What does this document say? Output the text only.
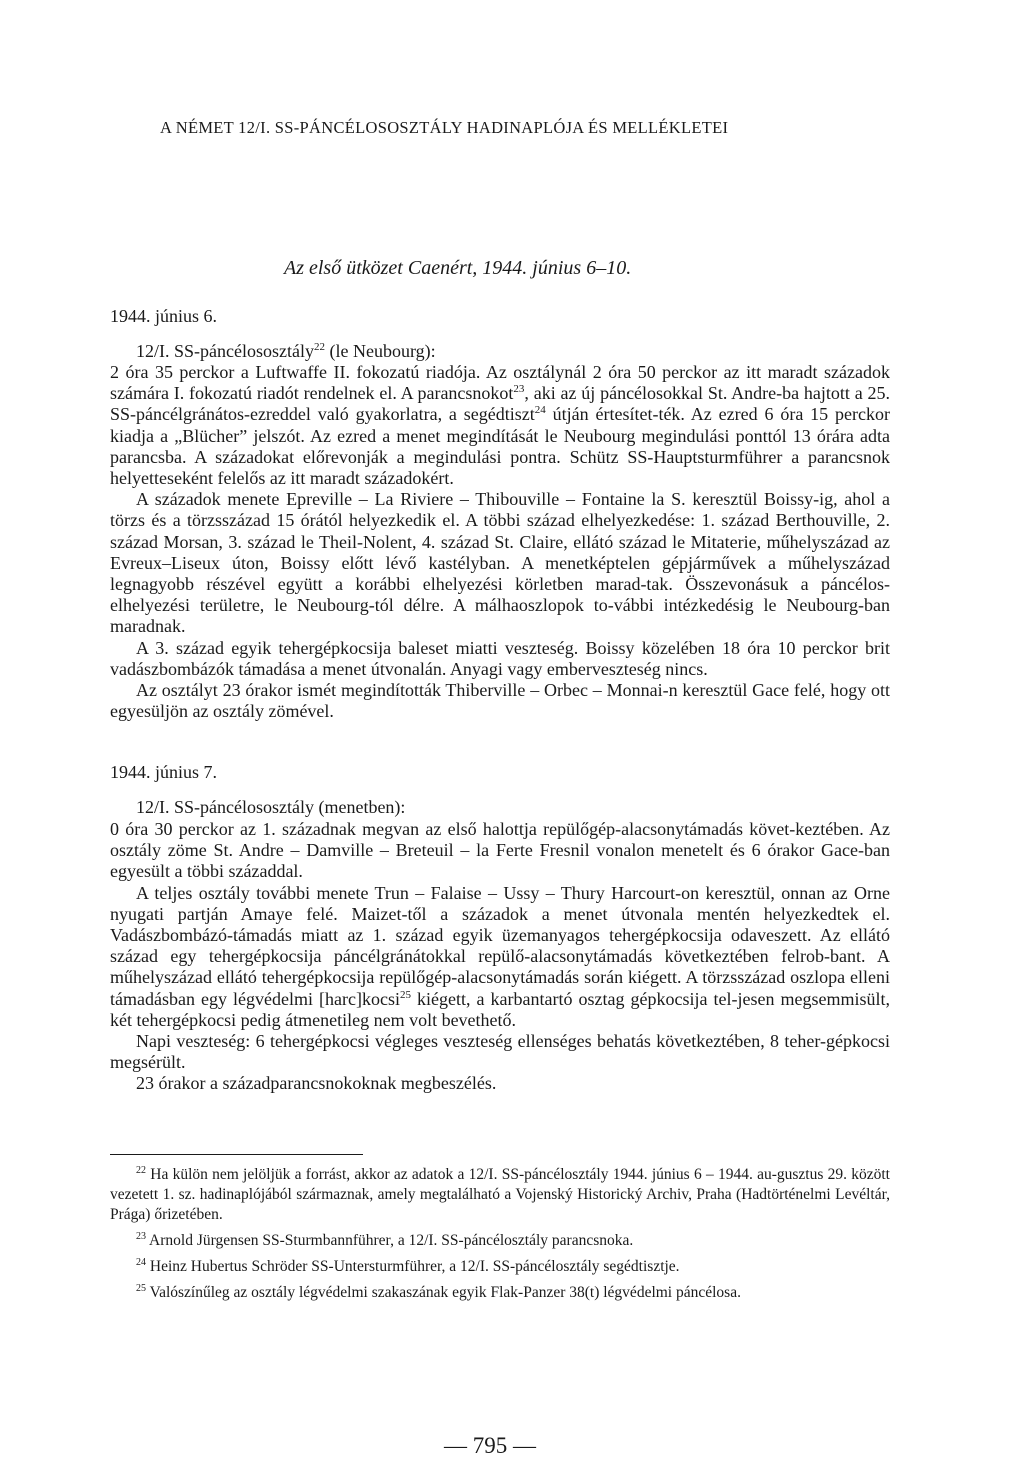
A NÉMET 12/I. SS-PÁNCÉLOSOSZTÁLY HADINAPLÓJA ÉS MELLÉKLETEI
Az első ütközet Caenért, 1944. június 6–10.
1944. június 6.
12/I. SS-páncélososztály$^{22}$ (le Neubourg):

2 óra 35 perckor a Luftwaffe II. fokozatú riadója. Az osztálynál 2 óra 50 perckor az itt maradt századok számára I. fokozatú riadót rendelnek el. A parancsnokot$^{23}$, aki az új páncélosokkal St. Andre-ba hajtott a 25. SS-páncélgránátos-ezreddel való gyakorlatra, a segédtiszt$^{24}$ útján értesítet-ték. Az ezred 6 óra 15 perckor kiadja a „Blücher” jelszót. Az ezred a menet megindítását le Neubourg megindulási ponttól 13 órára adta parancsba. A századokat előrevonják a megindulási pontra. Schütz SS-Hauptsturmführer a parancsnok helyetteseként felelős az itt maradt századokért.

A századok menete Epreville – La Riviere – Thibouville – Fontaine la S. keresztül Boissy-ig, ahol a törzs és a törzsszázad 15 órától helyezkedik el. A többi század elhelyezkedése: 1. század Berthouville, 2. század Morsan, 3. század le Theil-Nolent, 4. század St. Claire, ellátó század le Mitaterie, műhelyszázad az Evreux–Liseux úton, Boissy előtt lévő kastélyban. A menetképtelen gépjárművek a műhelyszázad legnagyobb részével együtt a korábbi elhelyezési körletben marad-tak. Összevonásuk a páncélos-elhelyezési területre, le Neubourg-tól délre. A málhaoszlopok to-vábbi intézkedésig le Neubourg-ban maradnak.

A 3. század egyik tehergépkocsija baleset miatti veszteség. Boissy közelében 18 óra 10 perckor brit vadászbombázók támadása a menet útvonalán. Anyagi vagy emberveszteség nincs.

Az osztályt 23 órakor ismét megindították Thiberville – Orbec – Monnai-n keresztül Gace felé, hogy ott egyesüljön az osztály zömével.

1944. június 7.
12/I. SS-páncélososztály (menetben):

0 óra 30 perckor az 1. századnak megvan az első halottja repülőgép-alacsonytámadás követ-keztében. Az osztály zöme St. Andre – Damville – Breteuil – la Ferte Fresnil vonalon menetelt és 6 órakor Gace-ban egyesült a többi századdal.

A teljes osztály további menete Trun – Falaise – Ussy – Thury Harcourt-on keresztül, onnan az Orne nyugati partján Amaye felé. Maizet-től a századok a menet útvonala mentén helyezkedtek el. Vadászbombázó-támadás miatt az 1. század egyik üzemanyagos tehergépkocsija odaveszett. Az ellátó század egy tehergépkocsija páncélgránátokkal repülő-alacsonytámadás következtében felrob-bant. A műhelyszázad ellátó tehergépkocsija repülőgép-alacsonytámadás során kiégett. A törzsszázad oszlopa elleni támadásban egy légvédelmi [harc]kocsi$^{25}$ kiégett, a karbantartó osztag gépkocsija tel-jesen megsemmisült, két tehergépkocsi pedig átmenetileg nem volt bevethető.

Napi veszteség: 6 tehergépkocsi végleges veszteség ellenséges behatás következtében, 8 teher-gépkocsi megsérült.

23 órakor a századparancsnokoknak megbeszélés.

$^{22}$ Ha külön nem jelöljük a forrást, akkor az adatok a 12/I. SS-páncélosztály 1944. június 6 – 1944. au-gusztus 29. között vezetett 1. sz. hadinaplójából származnak, amely megtalálható a Vojenský Historický Archiv, Praha (Hadtörténelmi Levéltár, Prága) őrizetében.

$^{23}$ Arnold Jürgensen SS-Sturmbannführer, a 12/I. SS-páncélosztály parancsnoka.

$^{24}$ Heinz Hubertus Schröder SS-Untersturmführer, a 12/I. SS-páncélosztály segédtisztje.

$^{25}$ Valószínűleg az osztály légvédelmi szakaszának egyik Flak-Panzer 38(t) légvédelmi páncélosa.

— 795 —
